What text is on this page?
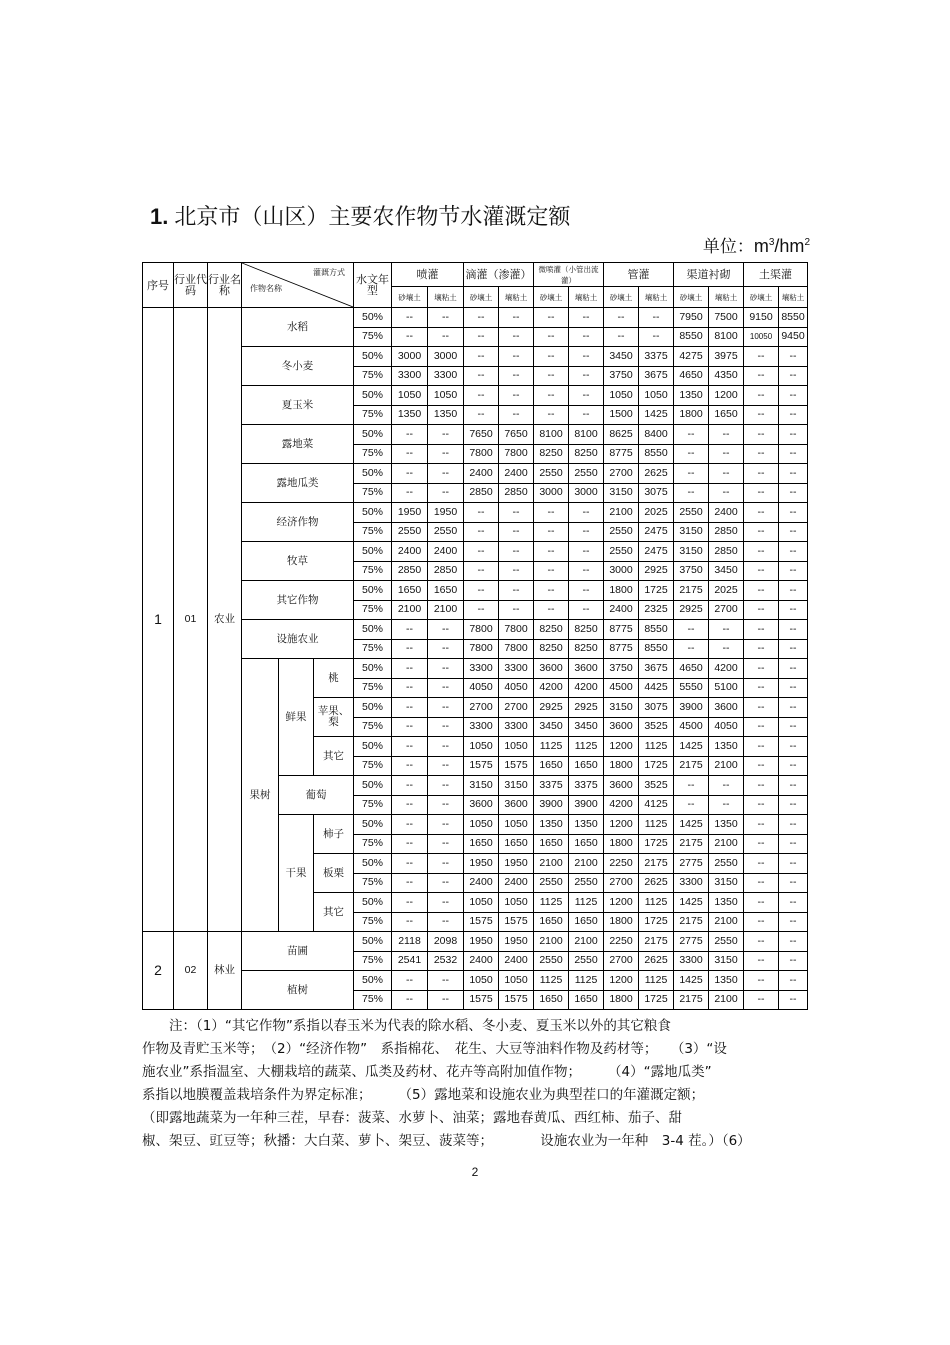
1. 北京市（山区）主要农作物节水灌溉定额
单位：$m^3/hm^2$
序号	行业代码	行业名称	灌溉方式
作物名称			水文年型	喷灌		滴灌（渗灌）		微喷灌（小管出流灌）		管灌		渠道衬砌		土渠灌	
							砂壤土	壤粘土	砂壤土	壤粘土	砂壤土	壤粘土	砂壤土	壤粘土	砂壤土	壤粘土	砂壤土	壤粘土
1	01	农业	水稻			50%	--	--	--	--	--	--	--	--	7950	7500	9150	8550
						75%	--	--	--	--	--	--	--	--	8550	8100	10050	9450
			冬小麦			50%	3000	3000	--	--	--	--	3450	3375	4275	3975	--	--
						75%	3300	3300	--	--	--	--	3750	3675	4650	4350	--	--
			夏玉米			50%	1050	1050	--	--	--	--	1050	1050	1350	1200	--	--
						75%	1350	1350	--	--	--	--	1500	1425	1800	1650	--	--
			露地菜			50%	--	--	7650	7650	8100	8100	8625	8400	--	--	--	--
						75%	--	--	7800	7800	8250	8250	8775	8550	--	--	--	--
			露地瓜类			50%	--	--	2400	2400	2550	2550	2700	2625	--	--	--	--
						75%	--	--	2850	2850	3000	3000	3150	3075	--	--	--	--
			经济作物			50%	1950	1950	--	--	--	--	2100	2025	2550	2400	--	--
						75%	2550	2550	--	--	--	--	2550	2475	3150	2850	--	--
			牧草			50%	2400	2400	--	--	--	--	2550	2475	3150	2850	--	--
						75%	2850	2850	--	--	--	--	3000	2925	3750	3450	--	--
			其它作物			50%	1650	1650	--	--	--	--	1800	1725	2175	2025	--	--
						75%	2100	2100	--	--	--	--	2400	2325	2925	2700	--	--
			设施农业			50%	--	--	7800	7800	8250	8250	8775	8550	--	--	--	--
						75%	--	--	7800	7800	8250	8250	8775	8550	--	--	--	--
			果树	鲜果	桃	50%	--	--	3300	3300	3600	3600	3750	3675	4650	4200	--	--
						75%	--	--	4050	4050	4200	4200	4500	4425	5550	5100	--	--
					苹果、梨	50%	--	--	2700	2700	2925	2925	3150	3075	3900	3600	--	--
						75%	--	--	3300	3300	3450	3450	3600	3525	4500	4050	--	--
					其它	50%	--	--	1050	1050	1125	1125	1200	1125	1425	1350	--	--
						75%	--	--	1575	1575	1650	1650	1800	1725	2175	2100	--	--
				葡萄		50%	--	--	3150	3150	3375	3375	3600	3525	--	--	--	--
						75%	--	--	3600	3600	3900	3900	4200	4125	--	--	--	--
				干果	柿子	50%	--	--	1050	1050	1350	1350	1200	1125	1425	1350	--	--
						75%	--	--	1650	1650	1650	1650	1800	1725	2175	2100	--	--
					板栗	50%	--	--	1950	1950	2100	2100	2250	2175	2775	2550	--	--
						75%	--	--	2400	2400	2550	2550	2700	2625	3300	3150	--	--
					其它	50%	--	--	1050	1050	1125	1125	1200	1125	1425	1350	--	--
						75%	--	--	1575	1575	1650	1650	1800	1725	2175	2100	--	--
2	02	林业	苗圃			50%	2118	2098	1950	1950	2100	2100	2250	2175	2775	2550	--	--
						75%	2541	2532	2400	2400	2550	2550	2700	2625	3300	3150	--	--
			植树			50%	--	--	1050	1050	1125	1125	1200	1125	1425	1350	--	--
						75%	--	--	1575	1575	1650	1650	1800	1725	2175	2100	--	--

　　注：（1）“其它作物”系指以春玉米为代表的除水稻、冬小麦、夏玉米以外的其它粮食

作物及青贮玉米等；　（2）“经济作物”　系指棉花、　花生、大豆等油料作物及药材等；　　（3）“设

施农业”系指温室、大棚栽培的蔬菜、瓜类及药材、花卉等高附加值作物；　　　（4）“露地瓜类”

系指以地膜覆盖栽培条件为界定标准；　　　（5）露地菜和设施农业为典型茬口的年灌溉定额；

（即露地蔬菜为一年种三茬，早春：菠菜、水萝卜、油菜；露地春黄瓜、西红柿、茄子、甜

椒、架豆、豇豆等；秋播：大白菜、萝卜、架豆、菠菜等；　　　　设施农业为一年种　3-4 茬。）（6）

2
